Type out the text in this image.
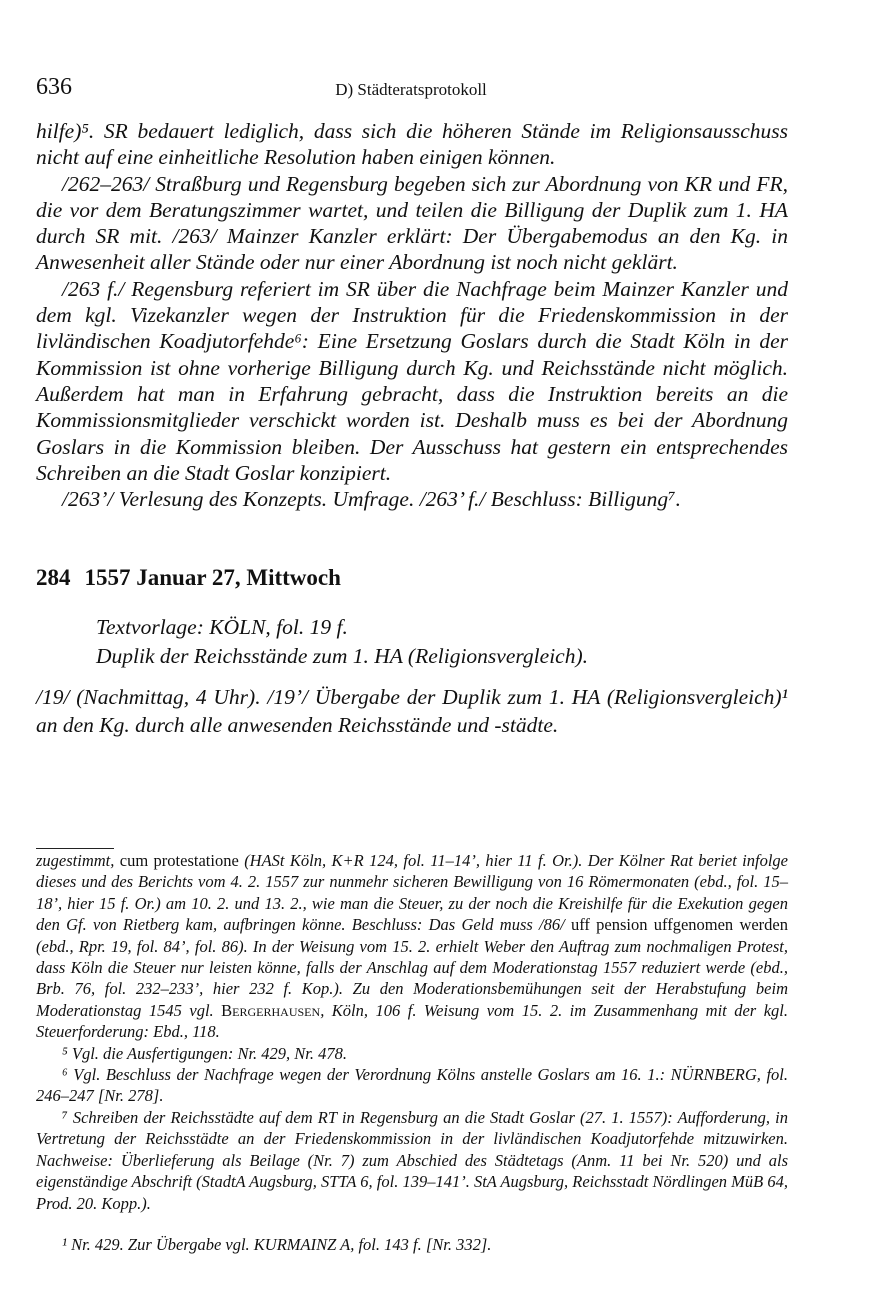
636	D) Städteratsprotokoll

hilfe)⁵. SR bedauert lediglich, dass sich die höheren Stände im Religionsausschuss nicht auf eine einheitliche Resolution haben einigen können.

/262–263/ Straßburg und Regensburg begeben sich zur Abordnung von KR und FR, die vor dem Beratungszimmer wartet, und teilen die Billigung der Duplik zum 1. HA durch SR mit. /263/ Mainzer Kanzler erklärt: Der Übergabemodus an den Kg. in Anwesenheit aller Stände oder nur einer Abordnung ist noch nicht geklärt.

/263 f./ Regensburg referiert im SR über die Nachfrage beim Mainzer Kanzler und dem kgl. Vizekanzler wegen der Instruktion für die Friedenskommission in der livländischen Koadjutorfehde⁶: Eine Ersetzung Goslars durch die Stadt Köln in der Kommission ist ohne vorherige Billigung durch Kg. und Reichsstände nicht möglich. Außerdem hat man in Erfahrung gebracht, dass die Instruktion bereits an die Kommissionsmitglieder verschickt worden ist. Deshalb muss es bei der Abordnung Goslars in die Kommission bleiben. Der Ausschuss hat gestern ein entsprechendes Schreiben an die Stadt Goslar konzipiert.

/263’/ Verlesung des Konzepts. Umfrage. /263’ f./ Beschluss: Billigung⁷.

284 1557 Januar 27, Mittwoch
Textvorlage: KÖLN, fol. 19 f.
Duplik der Reichsstände zum 1. HA (Religionsvergleich).

/19/ (Nachmittag, 4 Uhr). /19’/ Übergabe der Duplik zum 1. HA (Religionsvergleich)¹ an den Kg. durch alle anwesenden Reichsstände und -städte.

zugestimmt, cum protestatione (HASt Köln, K+R 124, fol. 11–14’, hier 11 f. Or.). Der Kölner Rat beriet infolge dieses und des Berichts vom 4. 2. 1557 zur nunmehr sicheren Bewilligung von 16 Römermonaten (ebd., fol. 15–18’, hier 15 f. Or.) am 10. 2. und 13. 2., wie man die Steuer, zu der noch die Kreishilfe für die Exekution gegen den Gf. von Rietberg kam, aufbringen könne. Beschluss: Das Geld muss /86/ uff pension uffgenomen werden (ebd., Rpr. 19, fol. 84’, fol. 86). In der Weisung vom 15. 2. erhielt Weber den Auftrag zum nochmaligen Protest, dass Köln die Steuer nur leisten könne, falls der Anschlag auf dem Moderationstag 1557 reduziert werde (ebd., Brb. 76, fol. 232–233’, hier 232 f. Kop.). Zu den Moderationsbemühungen seit der Herabstufung beim Moderationstag 1545 vgl. Bergerhausen, Köln, 106 f. Weisung vom 15. 2. im Zusammenhang mit der kgl. Steuerforderung: Ebd., 118.

⁵ Vgl. die Ausfertigungen: Nr. 429, Nr. 478.

⁶ Vgl. Beschluss der Nachfrage wegen der Verordnung Kölns anstelle Goslars am 16. 1.: NÜRNBERG, fol. 246–247 [Nr. 278].

⁷ Schreiben der Reichsstädte auf dem RT in Regensburg an die Stadt Goslar (27. 1. 1557): Aufforderung, in Vertretung der Reichsstädte an der Friedenskommission in der livländischen Koadjutorfehde mitzuwirken. Nachweise: Überlieferung als Beilage (Nr. 7) zum Abschied des Städtetags (Anm. 11 bei Nr. 520) und als eigenständige Abschrift (StadtA Augsburg, STTA 6, fol. 139–141’. StA Augsburg, Reichsstadt Nördlingen MüB 64, Prod. 20. Kopp.).

¹ Nr. 429. Zur Übergabe vgl. KURMAINZ A, fol. 143 f. [Nr. 332].
